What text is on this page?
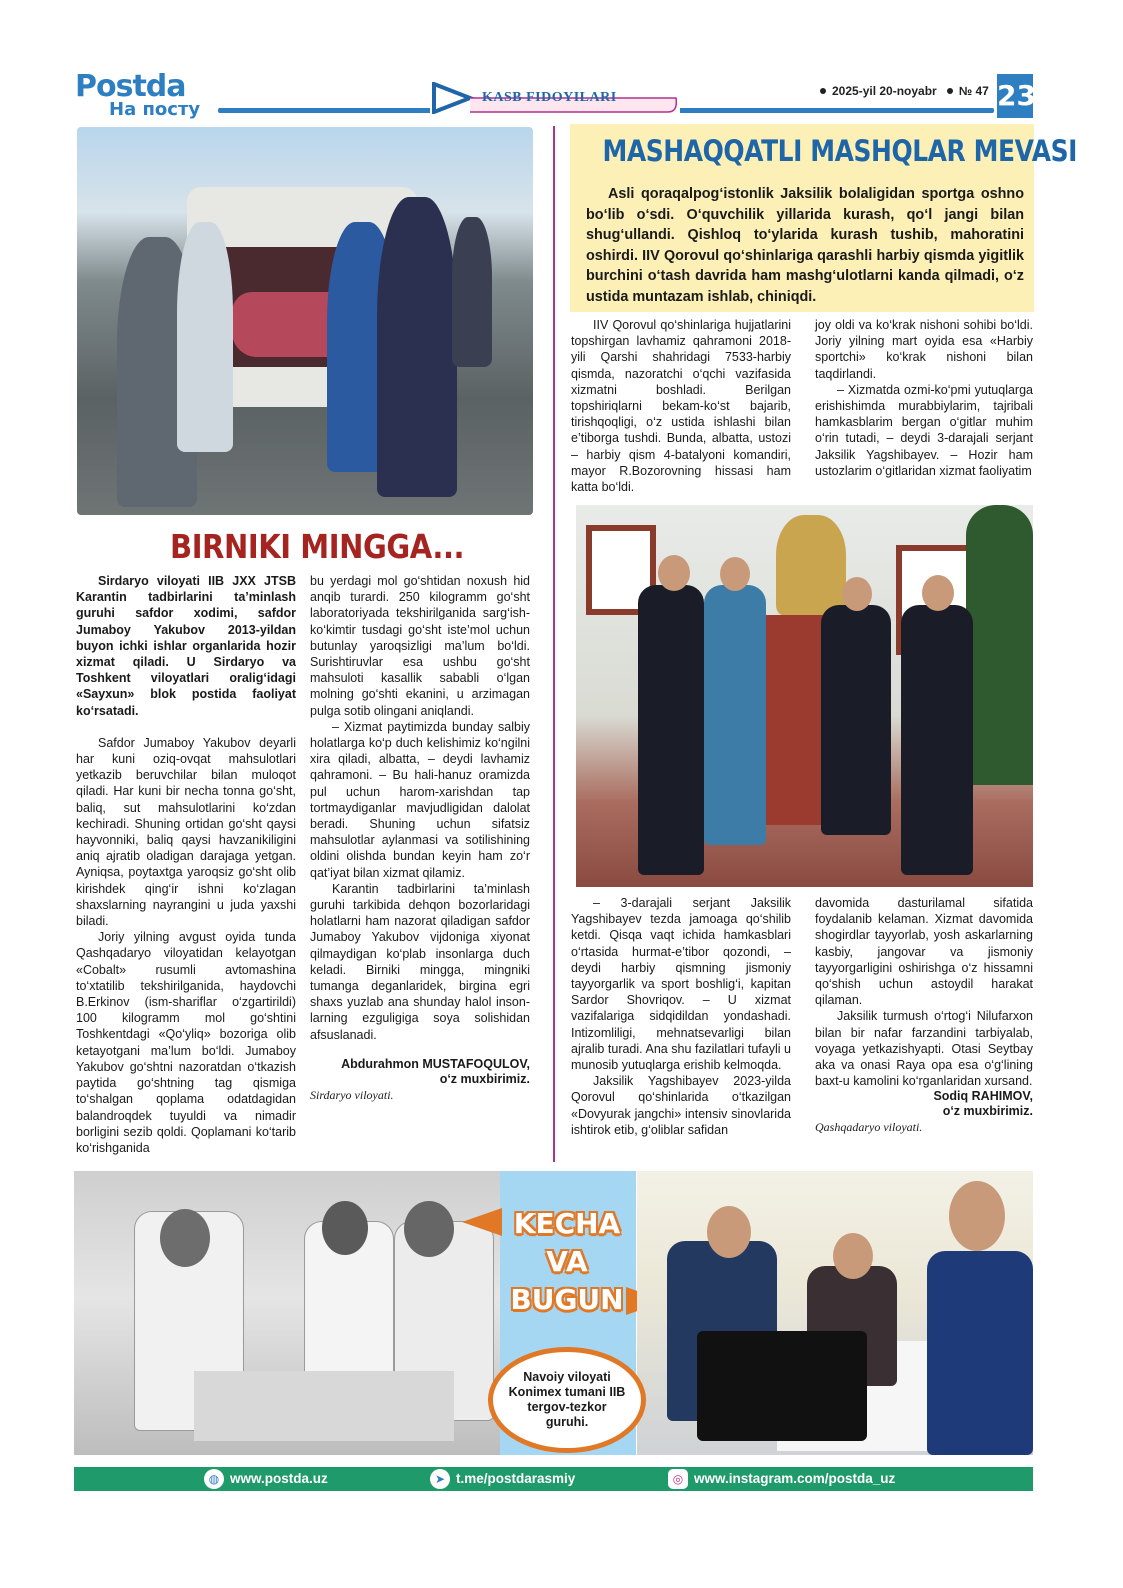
Postda
На посту
KASB FIDOYILARI	2025-yil 20-noyabr № 47 23
BIRNIKI MINGGA...

Sirdaryo viloyati IIB JXX JTSB Karantin tadbirlarini ta’minlash guruhi safdor xodimi, safdor Jumaboy Yakubov 2013-yildan buyon ichki ishlar organlarida hozir xizmat qiladi. U Sirdaryo va Toshkent viloyatlari oralig‘idagi «Sayxun» blok postida faoliyat ko‘rsatadi.

Safdor Jumaboy Yakubov deyarli har kuni oziq-ovqat mahsulotlari yetkazib beruvchilar bilan muloqot qiladi. Har kuni bir necha tonna go‘sht, baliq, sut mahsulotlarini ko‘zdan kechiradi. Shuning ortidan go‘sht qaysi hayvonniki, baliq qaysi havzanikiligini aniq ajratib oladigan darajaga yetgan. Ayniqsa, poytaxtga yaroqsiz go‘sht olib kirishdek qing‘ir ishni ko‘zlagan shaxslarning nayrangini u juda yaxshi biladi.

Joriy yilning avgust oyida tunda Qashqadaryo viloyatidan kelayotgan «Cobalt» rusumli avtomashina to‘xtatilib tekshirilganida, haydovchi B.Erkinov (ism-shariflar o‘zgartirildi) 100 kilogramm mol go‘shtini Toshkentdagi «Qo‘yliq» bozoriga olib ketayotgani ma’lum bo‘ldi. Jumaboy Yakubov go‘shtni nazoratdan o‘tkazish paytida go‘shtning tag qismiga to‘shalgan qoplama odatdagidan balandroqdek tuyuldi va nimadir borligini sezib qoldi. Qoplamani ko‘tarib ko‘rishganida

bu yerdagi mol go‘shtidan noxush hid anqib turardi. 250 kilogramm go‘sht laboratoriyada tekshirilganida sarg‘ish-ko‘kimtir tusdagi go‘sht iste’mol uchun butunlay yaroqsizligi ma’lum bo‘ldi. Surishtiruvlar esa ushbu go‘sht mahsuloti kasallik sababli o‘lgan molning go‘shti ekanini, u arzimagan pulga sotib olingani aniqlandi.

– Xizmat paytimizda bunday salbiy holatlarga ko‘p duch kelishimiz ko‘ngilni xira qiladi, albatta, – deydi lavhamiz qahramoni. – Bu hali-hanuz oramizda pul uchun harom-xarishdan tap tortmaydiganlar mavjudligidan dalolat beradi. Shuning uchun sifatsiz mahsulotlar aylanmasi va sotilishining oldini olishda bundan keyin ham zo‘r qat’iyat bilan xizmat qilamiz.

Karantin tadbirlarini ta’minlash guruhi tarkibida dehqon bozorlaridagi holatlarni ham nazorat qiladigan safdor Jumaboy Yakubov vijdoniga xiyonat qilmaydigan ko‘plab insonlarga duch keladi. Birniki mingga, mingniki tumanga deganlaridek, birgina egri shaxs yuzlab ana shunday halol insonlarning ezguligiga soya solishidan afsuslanadi.

Abdurahmon MUSTAFOQULOV,
o‘z muxbirimiz.
Sirdaryo viloyati.
MASHAQQATLI MASHQLAR MEVASI
Asli qoraqalpog‘istonlik Jaksilik bolaligidan sportga oshno bo‘lib o‘sdi. O‘quvchilik yillarida kurash, qo‘l jangi bilan shug‘ullandi. Qishloq to‘ylarida kurash tushib, mahoratini oshirdi. IIV Qorovul qo‘shinlariga qarashli harbiy qismda yigitlik burchini o‘tash davrida ham mashg‘ulotlarni kanda qilmadi, o‘z ustida muntazam ishlab, chiniqdi.

IIV Qorovul qo‘shinlariga hujjatlarini topshirgan lavhamiz qahramoni 2018-yili Qarshi shahridagi 7533-harbiy qismda, nazoratchi o‘qchi vazifasida xizmatni boshladi. Berilgan topshiriqlarni bekam-ko‘st bajarib, tirishqoqligi, o‘z ustida ishlashi bilan e’tiborga tushdi. Bunda, albatta, ustozi – harbiy qism 4-batalyoni komandiri, mayor R.Bozorovning hissasi ham katta bo‘ldi.

joy oldi va ko‘krak nishoni sohibi bo‘ldi. Joriy yilning mart oyida esa «Harbiy sportchi» ko‘krak nishoni bilan taqdirlandi.

– Xizmatda ozmi-ko‘pmi yutuqlarga erishishimda murabbiylarim, tajribali hamkasblarim bergan o‘gitlar muhim o‘rin tutadi, – deydi 3-darajali serjant Jaksilik Yagshibayev. – Hozir ham ustozlarim o‘gitlaridan xizmat faoliyatim

– 3-darajali serjant Jaksilik Yagshibayev tezda jamoaga qo‘shilib ketdi. Qisqa vaqt ichida hamkasblari o‘rtasida hurmat-e’tibor qozondi, – deydi harbiy qismning jismoniy tayyorgarlik va sport boshlig‘i, kapitan Sardor Shovriqov. – U xizmat vazifalariga sidqidildan yondashadi. Intizomliligi, mehnatsevarligi bilan ajralib turadi. Ana shu fazilatlari tufayli u munosib yutuqlarga erishib kelmoqda.

Jaksilik Yagshibayev 2023-yilda Qorovul qo‘shinlarida o‘tkazilgan «Dovyurak jangchi» intensiv sinovlarida ishtirok etib, g‘oliblar safidan

davomida dasturilamal sifatida foydalanib kelaman. Xizmat davomida shogirdlar tayyorlab, yosh askarlarning kasbiy, jangovar va jismoniy tayyorgarligini oshirishga o‘z hissamni qo‘shish uchun astoydil harakat qilaman.

Jaksilik turmush o‘rtog‘i Nilufarxon bilan bir nafar farzandini tarbiyalab, voyaga yetkazishyapti. Otasi Seytbay aka va onasi Raya opa esa o‘g‘lining baxt-u kamolini ko‘rganlaridan xursand.

Sodiq RAHIMOV,
o‘z muxbirimiz.
Qashqadaryo viloyati.
KECHA
VA
BUGUN
Navoiy viloyati Konimex tumani IIB tergov-tezkor guruhi.
◍ www.postda.uz	➤ t.me/postdarasmiy	◎ www.instagram.com/postda_uz
